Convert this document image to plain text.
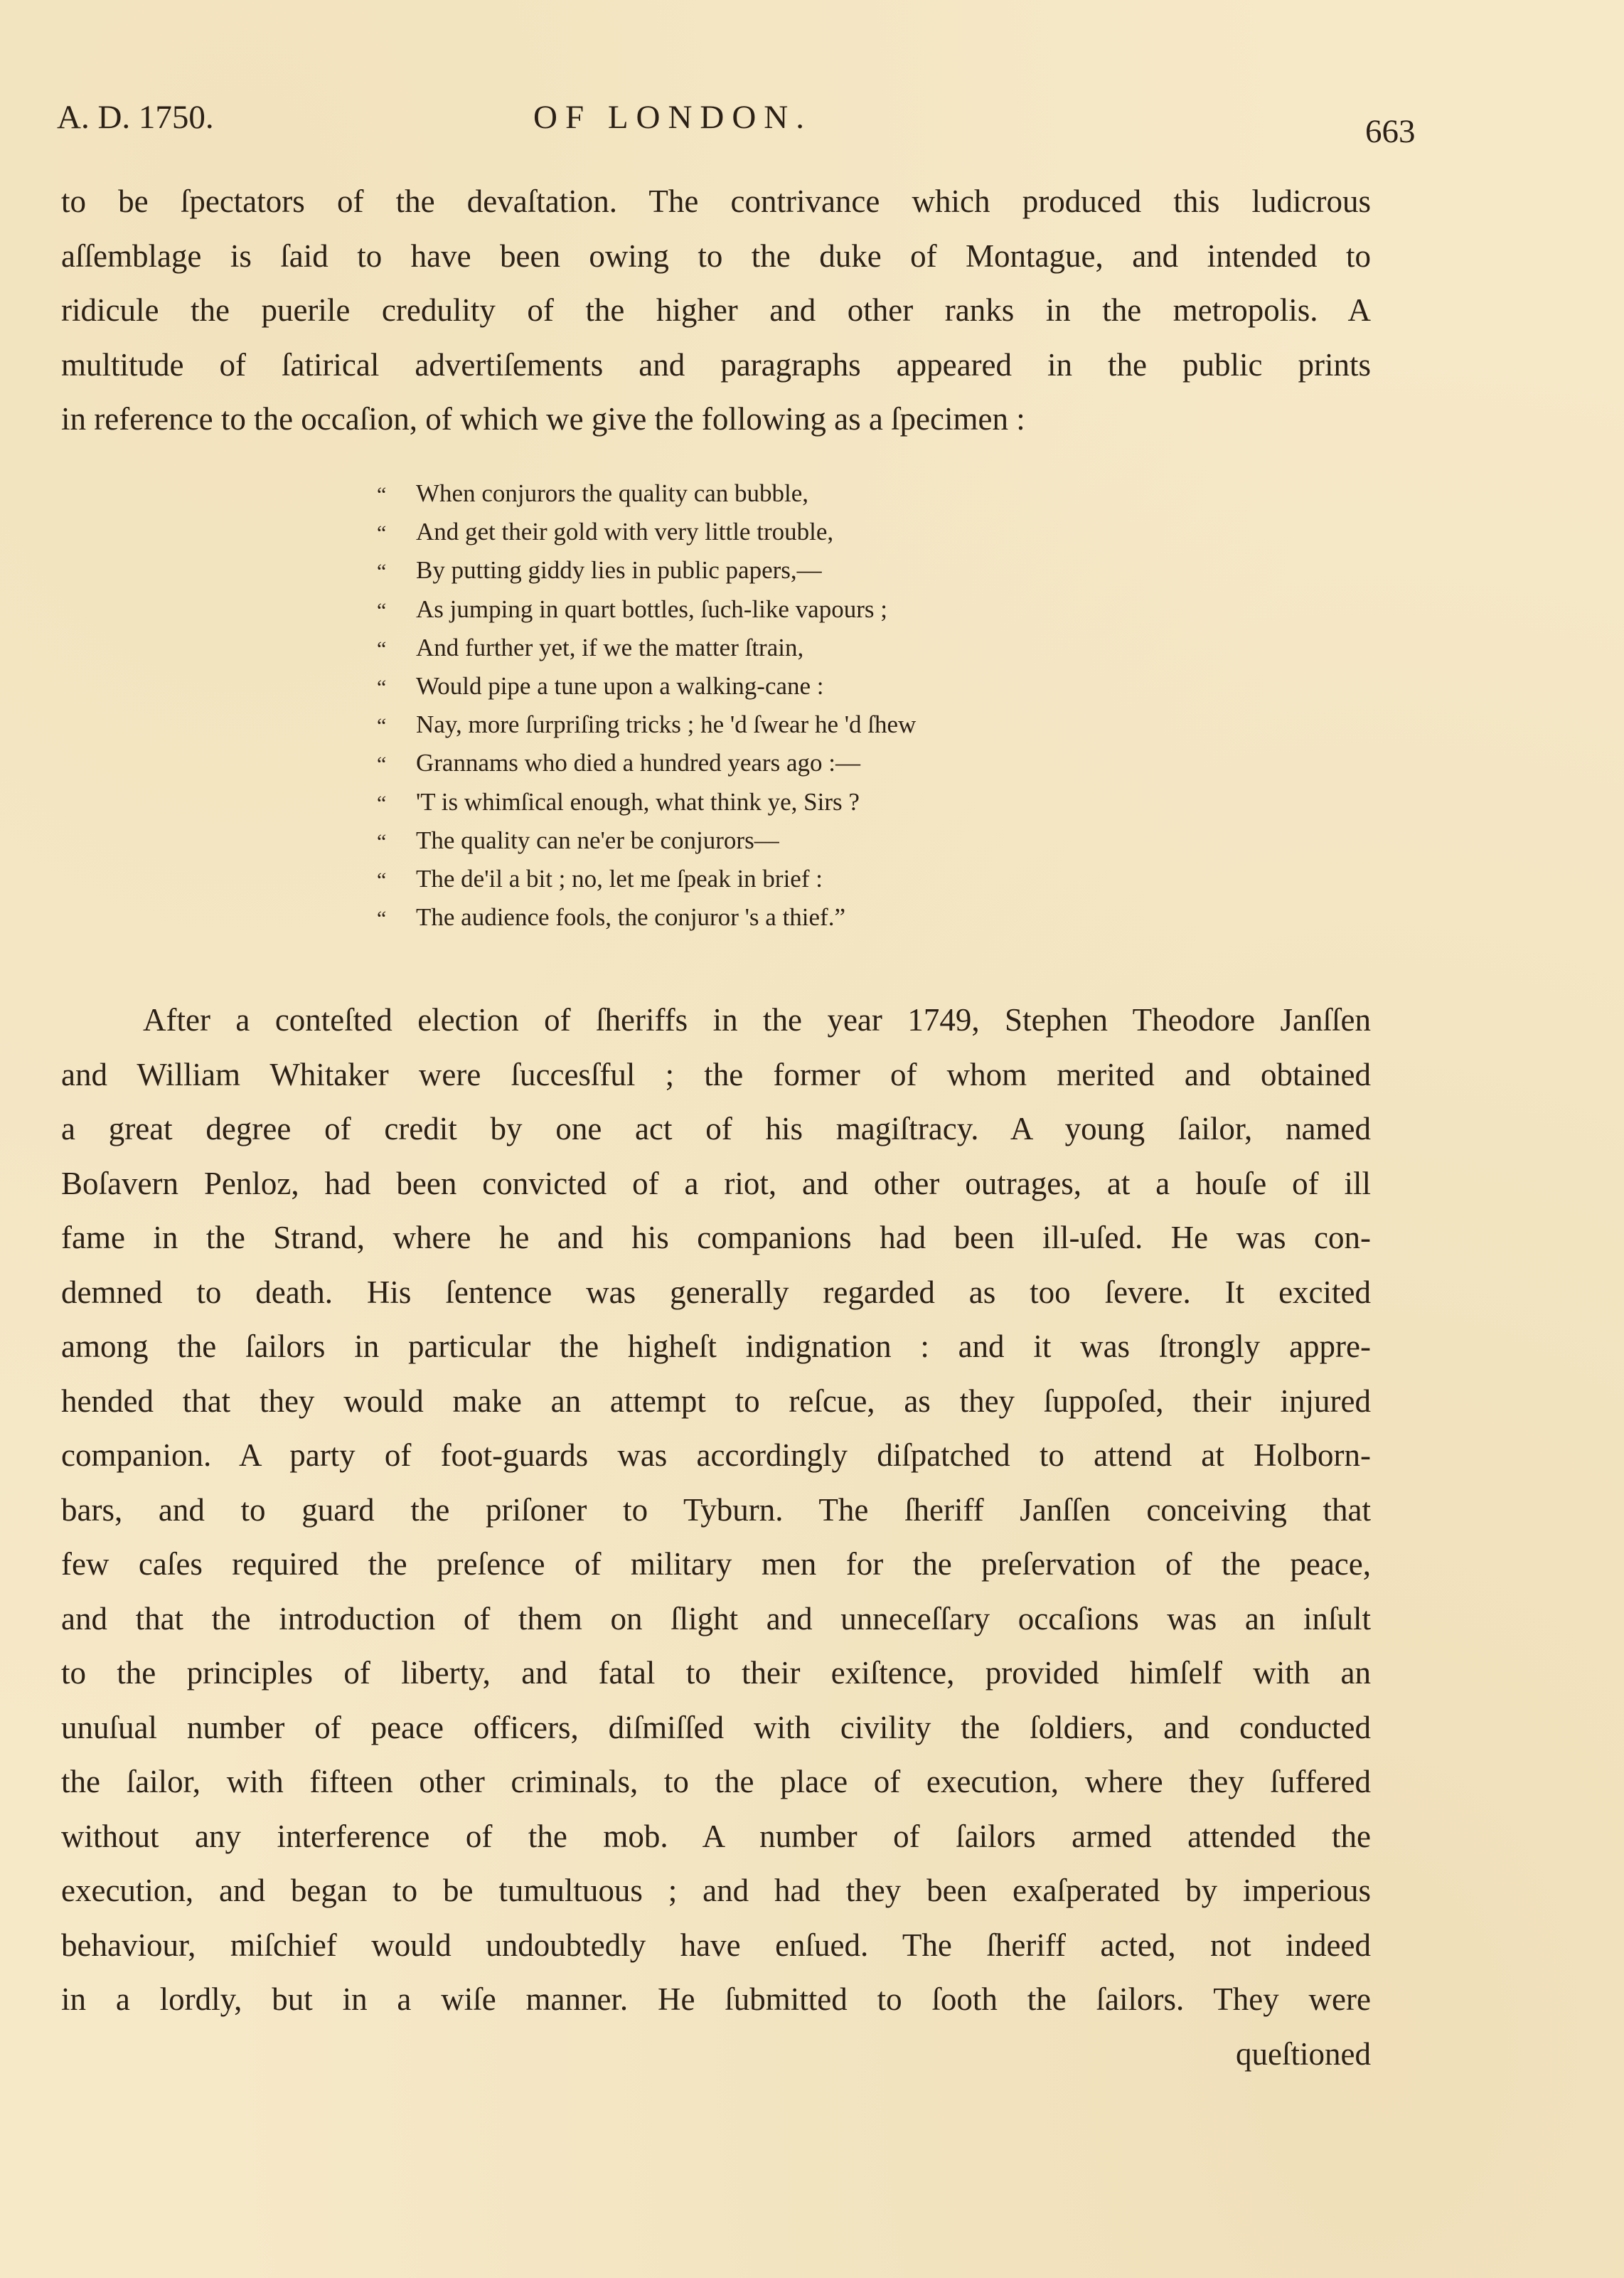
A. D. 1750.	OF LONDON.	663
to be ſpectators of the devaſtation. The contrivance which produced this ludicrous
aſſemblage is ſaid to have been owing to the duke of Montague, and intended to
ridicule the puerile credulity of the higher and other ranks in the metropolis. A
multitude of ſatirical advertiſements and paragraphs appeared in the public prints
in reference to the occaſion, of which we give the following as a ſpecimen :
“ When conjurors the quality can bubble,
“ And get their gold with very little trouble,
“ By putting giddy lies in public papers,—
“ As jumping in quart bottles, ſuch-like vapours ;
“ And further yet, if we the matter ſtrain,
“ Would pipe a tune upon a walking-cane :
“ Nay, more ſurpriſing tricks ; he 'd ſwear he 'd ſhew
“ Grannams who died a hundred years ago :—
“ 'T is whimſical enough, what think ye, Sirs ?
“ The quality can ne'er be conjurors—
“ The de'il a bit ; no, let me ſpeak in brief :
“ The audience fools, the conjuror 's a thief.”
After a conteſted election of ſheriffs in the year 1749, Stephen Theodore Janſſen
and William Whitaker were ſuccesſful ; the former of whom merited and obtained
a great degree of credit by one act of his magiſtracy. A young ſailor, named
Boſavern Penloz, had been convicted of a riot, and other outrages, at a houſe of ill
fame in the Strand, where he and his companions had been ill-uſed. He was con-
demned to death. His ſentence was generally regarded as too ſevere. It excited
among the ſailors in particular the higheſt indignation : and it was ſtrongly appre-
hended that they would make an attempt to reſcue, as they ſuppoſed, their injured
companion. A party of foot-guards was accordingly diſpatched to attend at Holborn-
bars, and to guard the priſoner to Tyburn. The ſheriff Janſſen conceiving that
few caſes required the preſence of military men for the preſervation of the peace,
and that the introduction of them on ſlight and unneceſſary occaſions was an inſult
to the principles of liberty, and fatal to their exiſtence, provided himſelf with an
unuſual number of peace officers, diſmiſſed with civility the ſoldiers, and conducted
the ſailor, with fifteen other criminals, to the place of execution, where they ſuffered
without any interference of the mob. A number of ſailors armed attended the
execution, and began to be tumultuous ; and had they been exaſperated by imperious
behaviour, miſchief would undoubtedly have enſued. The ſheriff acted, not indeed
in a lordly, but in a wiſe manner. He ſubmitted to ſooth the ſailors. They were
queſtioned
